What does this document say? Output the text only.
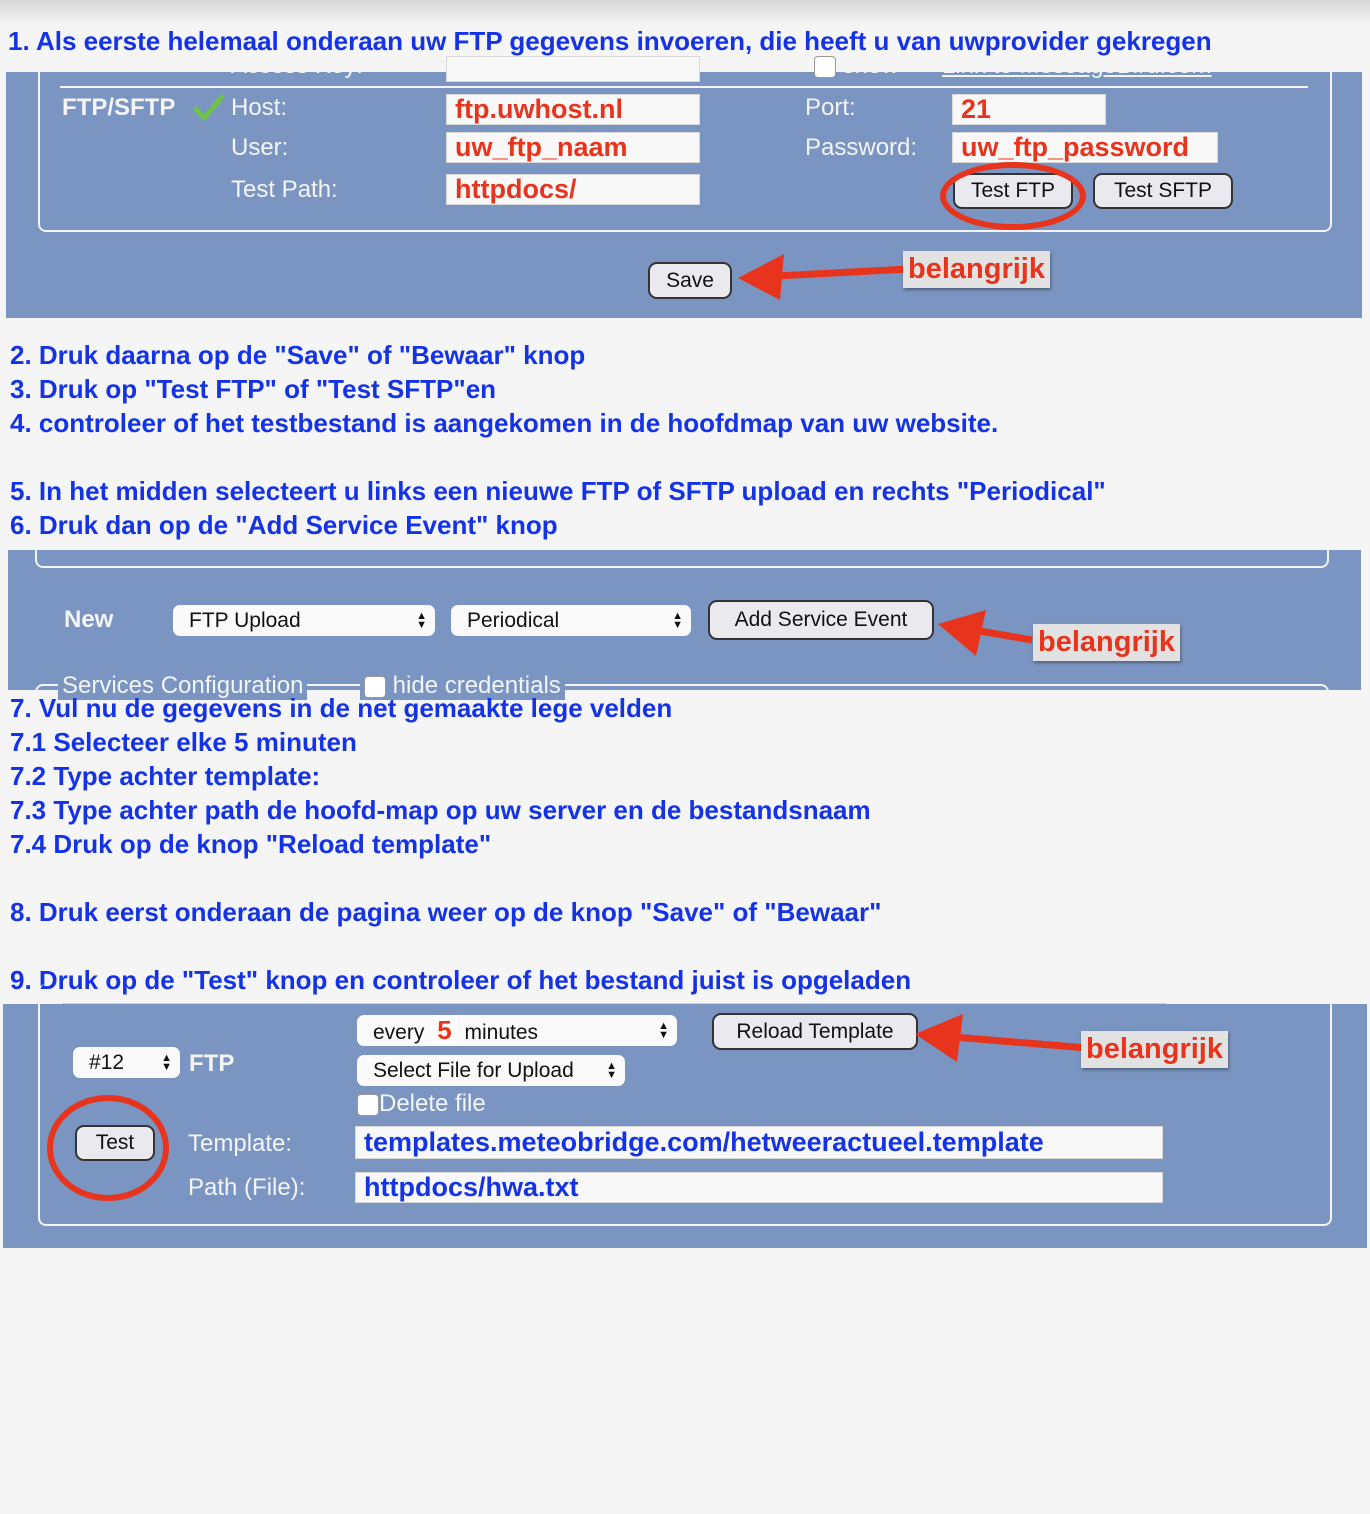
1. Als eerste helemaal onderaan uw FTP gegevens invoeren, die heeft u van uwprovider gekregen
Access Key:	show Link to MessageBird.com
FTP/SFTP Host:	ftp.uwhost.nl
User:	uw_ftp_naam
Test Path:	httpdocs/
Port:	21
Password:	uw_ftp_password
Test FTP	Test SFTP
Save	belangrijk
2. Druk daarna op de "Save" of "Bewaar" knop
3. Druk op "Test FTP" of "Test SFTP"en
4. controleer of het testbestand is aangekomen in de hoofdmap van uw website.
5. In het midden selecteert u links een nieuwe FTP of SFTP upload en rechts "Periodical"
6. Druk dan op de "Add Service Event" knop
New	FTP Upload	▲
▼	Periodical	▲
▼	Add Service Event
belangrijk
Services Configuration	hide credentials
7. Vul nu de gegevens in de net gemaakte lege velden
7.1 Selecteer elke 5 minuten
7.2 Type achter template:
7.3 Type achter path de hoofd-map op uw server en de bestandsnaam
7.4 Druk op de knop "Reload template"
8. Druk eerst onderaan de pagina weer op de knop "Save" of "Bewaar"
9. Druk op de "Test" knop en controleer of het bestand juist is opgeladen
#12	▲
▼ FTP
every 5 minutes	▲
▼	Reload Template
belangrijk
Select File for Upload	▲
▼
Delete file
Test	Template:	templates.meteobridge.com/hetweeractueel.template
Path (File):	httpdocs/hwa.txt
